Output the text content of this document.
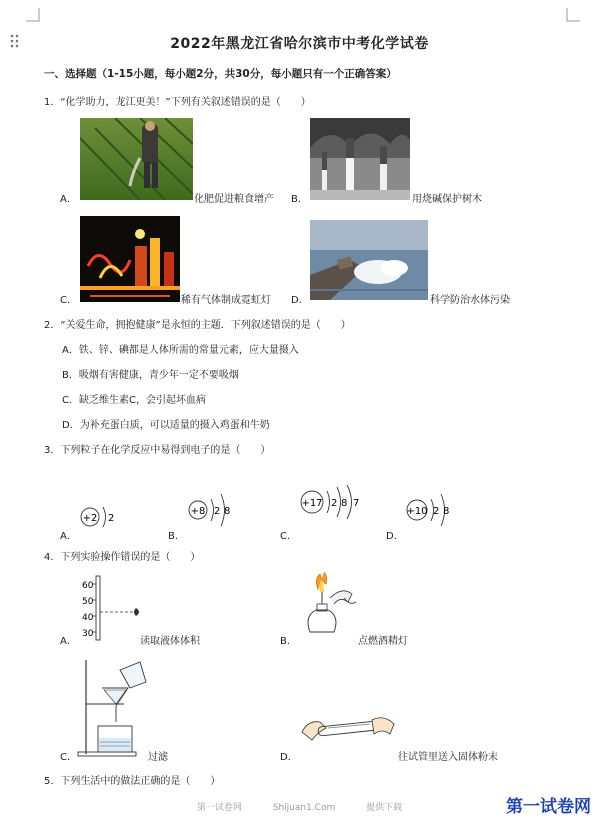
2022年黑龙江省哈尔滨市中考化学试卷
一、选择题（1-15小题，每小题2分，共30分，每小题只有一个正确答案）
1．“化学助力，龙江更美！”下列有关叙述错误的是（　　）
A．	化肥促进粮食增产 B．	用烧碱保护树木
C．	稀有气体制成霓虹灯 D．	科学防治水体污染
2．“关爱生命，拥抱健康”是永恒的主题．下列叙述错误的是（　　）
A．铁、锌、碘都是人体所需的常量元素，应大量摄入
B．吸烟有害健康，青少年一定不要吸烟
C．缺乏维生素C，会引起坏血病
D．为补充蛋白质，可以适量的摄入鸡蛋和牛奶
3．下列粒子在化学反应中易得到电子的是（　　）
A．
+2 2
B．
+8 2 8
C．
+17 2 8 7
D．
+10 2 8
4．下列实验操作错误的是（　　）
A．
60
50
40
30
读取液体体积	B．	点燃酒精灯
C．	过滤	D．	往试管里送入固体粉末
5．下列生活中的做法正确的是（　　）
第一试卷网	Shijuan1.Com	提供下载	第一试卷网
